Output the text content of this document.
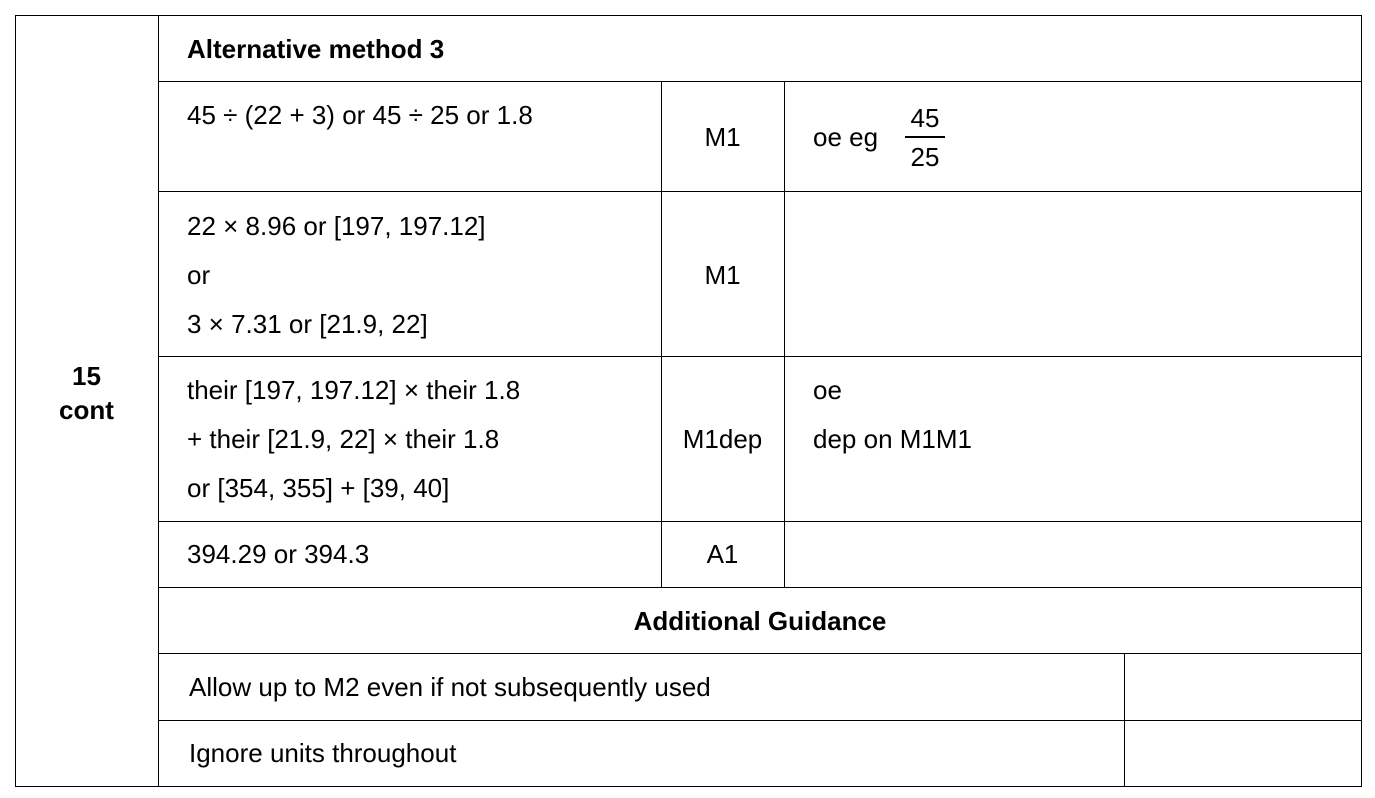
15
cont
Alternative method 3
45 ÷ (22 + 3) or 45 ÷ 25 or 1.8
M1	oe eg
45
25
22 × 8.96 or [197, 197.12]
or
3 × 7.31 or [21.9, 22]
M1
their [197, 197.12] × their 1.8
+ their [21.9, 22] × their 1.8
or [354, 355] + [39, 40]
M1dep
oe
dep on M1M1
394.29 or 394.3	A1
Additional Guidance
Allow up to M2 even if not subsequently used
Ignore units throughout
